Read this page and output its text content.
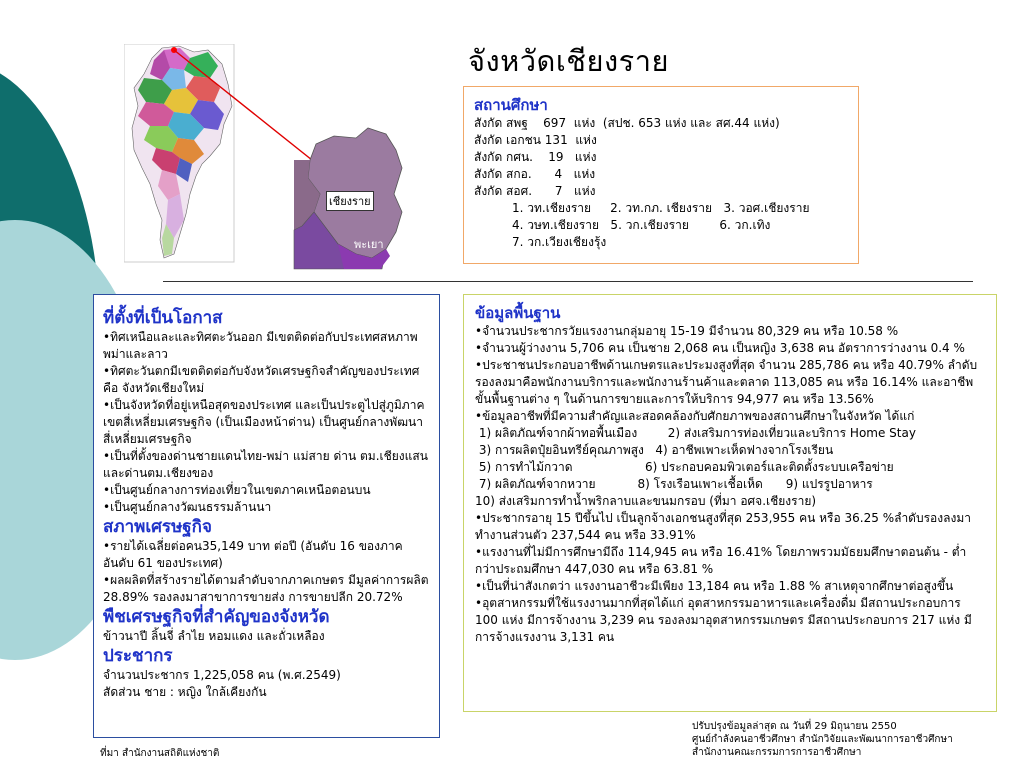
จังหวัดเชียงราย
เชียงราย
พะเยา
สถานศึกษา
สังกัด สพฐ    697  แห่ง  (สปช. 653 แห่ง และ สศ.44 แห่ง)
สังกัด เอกชน 131  แห่ง
สังกัด กศน.    19   แห่ง
สังกัด สกอ.      4   แห่ง
สังกัด สอศ.      7   แห่ง
1. วท.เชียงราย     2. วท.กภ. เชียงราย   3. วอศ.เชียงราย
4. วษท.เชียงราย   5. วก.เชียงราย        6. วก.เทิง
7. วก.เวียงเชียงรุ้ง
ที่ตั้งที่เป็นโอกาส
•ทิศเหนือและและทิศตะวันออก มีเขตติดต่อกับประเทศสหภาพพม่าและลาว
•ทิศตะวันตกมีเขตติดต่อกับจังหวัดเศรษฐกิจสำคัญของประเทศ คือ จังหวัดเชียงใหม่
•เป็นจังหวัดที่อยู่เหนือสุดของประเทศ และเป็นประตูไปสู่ภูมิภาค เขตสี่เหลี่ยมเศรษฐกิจ (เป็นเมืองหน้าด่าน) เป็นศูนย์กลางพัฒนาสี่เหลี่ยมเศรษฐกิจ
•เป็นที่ตั้งของด่านชายแดนไทย-พม่า แม่สาย ด่าน ตม.เชียงแสน และด่านตม.เชียงของ
•เป็นศูนย์กลางการท่องเที่ยวในเขตภาคเหนือตอนบน
•เป็นศูนย์กลางวัฒนธรรมล้านนา
สภาพเศรษฐกิจ
•รายได้เฉลี่ยต่อคน35,149 บาท ต่อปี (อันดับ 16 ของภาค อันดับ 61 ของประเทศ)
•ผลผลิตที่สร้างรายได้ตามลำดับจากภาคเกษตร มีมูลค่าการผลิต 28.89% รองลงมาสาขาการขายส่ง การขายปลีก 20.72%
พืชเศรษฐกิจที่สำคัญของจังหวัด
ข้าวนาปี ลิ้นจี่ ลำไย หอมแดง และถั่วเหลือง
ประชากร
จำนวนประชากร 1,225,058 คน (พ.ศ.2549)
สัดส่วน ชาย : หญิง ใกล้เคียงกัน
ข้อมูลพื้นฐาน
•จำนวนประชากรวัยแรงงานกลุ่มอายุ 15-19 มีจำนวน 80,329 คน หรือ 10.58 %
•จำนวนผู้ว่างงาน 5,706 คน เป็นชาย 2,068 คน เป็นหญิง 3,638 คน อัตราการว่างงาน 0.4 %
•ประชาชนประกอบอาชีพด้านเกษตรและประมงสูงที่สุด จำนวน 285,786 คน หรือ 40.79% ลำดับรองลงมาคือพนักงานบริการและพนักงานร้านค้าและตลาด 113,085 คน หรือ 16.14% และอาชีพขั้นพื้นฐานต่าง ๆ ในด้านการขายและการให้บริการ 94,977 คน หรือ 13.56%
•ข้อมูลอาชีพที่มีความสำคัญและสอดคล้องกับศักยภาพของสถานศึกษาในจังหวัด ได้แก่
1) ผลิตภัณฑ์จากผ้าทอพื้นเมือง        2) ส่งเสริมการท่องเที่ยวและบริการ Home Stay
3) การผลิตปุ๋ยอินทรีย์คุณภาพสูง   4) อาชีพเพาะเห็ดฟางจากโรงเรียน
5) การทำไม้กวาด                   6) ประกอบคอมพิวเตอร์และติดตั้งระบบเครือข่าย
7) ผลิตภัณฑ์จากหวาย           8) โรงเรือนเพาะเชื้อเห็ด      9) แปรรูปอาหาร
10) ส่งเสริมการทำน้ำพริกลาบและขนมกรอบ (ที่มา อศจ.เชียงราย)
•ประชากรอายุ 15 ปีขึ้นไป เป็นลูกจ้างเอกชนสูงที่สุด 253,955 คน หรือ 36.25 %ลำดับรองลงมาทำงานส่วนตัว 237,544 คน หรือ 33.91%
•แรงงานที่ไม่มีการศึกษามีถึง 114,945 คน หรือ 16.41% โดยภาพรวมมัธยมศึกษาตอนต้น - ต่ำกว่าประถมศึกษา 447,030 คน หรือ 63.81 %
•เป็นที่น่าสังเกตว่า แรงงานอาชีวะมีเพียง 13,184 คน หรือ 1.88 % สาเหตุจากศึกษาต่อสูงขึ้น
•อุตสาหกรรมที่ใช้แรงงานมากที่สุดได้แก่ อุตสาหกรรมอาหารและเครื่องดื่ม มีสถานประกอบการ 100 แห่ง มีการจ้างงาน 3,239 คน รองลงมาอุตสาหกรรมเกษตร มีสถานประกอบการ 217 แห่ง มีการจ้างแรงงาน 3,131 คน
ปรับปรุงข้อมูลล่าสุด ณ วันที่ 29 มิถุนายน 2550
ศูนย์กำลังคนอาชีวศึกษา สำนักวิจัยและพัฒนาการอาชีวศึกษา
สำนักงานคณะกรรมการการอาชีวศึกษา
ที่มา สำนักงานสถิติแห่งชาติ
